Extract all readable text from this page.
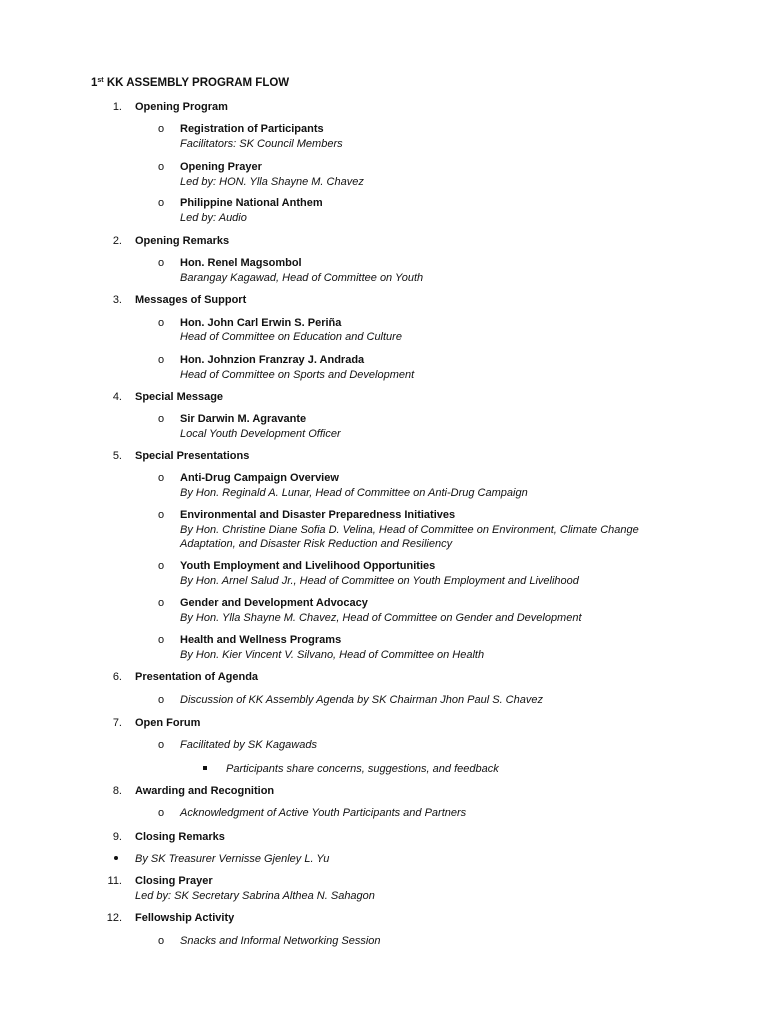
1st KK ASSEMBLY PROGRAM FLOW
1. Opening Program
o Registration of Participants
Facilitators: SK Council Members
o Opening Prayer
Led by: HON. Ylla Shayne M. Chavez
o Philippine National Anthem
Led by: Audio
2. Opening Remarks
o Hon. Renel Magsombol
Barangay Kagawad, Head of Committee on Youth
3. Messages of Support
o Hon. John Carl Erwin S. Periña
Head of Committee on Education and Culture
o Hon. Johnzion Franzray J. Andrada
Head of Committee on Sports and Development
4. Special Message
o Sir Darwin M. Agravante
Local Youth Development Officer
5. Special Presentations
o Anti-Drug Campaign Overview
By Hon. Reginald A. Lunar, Head of Committee on Anti-Drug Campaign
o Environmental and Disaster Preparedness Initiatives
By Hon. Christine Diane Sofia D. Velina, Head of Committee on Environment, Climate Change
Adaptation, and Disaster Risk Reduction and Resiliency
o Youth Employment and Livelihood Opportunities
By Hon. Arnel Salud Jr., Head of Committee on Youth Employment and Livelihood
o Gender and Development Advocacy
By Hon. Ylla Shayne M. Chavez, Head of Committee on Gender and Development
o Health and Wellness Programs
By Hon. Kier Vincent V. Silvano, Head of Committee on Health
6. Presentation of Agenda
o Discussion of KK Assembly Agenda by SK Chairman Jhon Paul S. Chavez
7. Open Forum
o Facilitated by SK Kagawads
Participants share concerns, suggestions, and feedback
8. Awarding and Recognition
o Acknowledgment of Active Youth Participants and Partners
9. Closing Remarks
By SK Treasurer Vernisse Gjenley L. Yu
11. Closing Prayer
Led by: SK Secretary Sabrina Althea N. Sahagon
12. Fellowship Activity
o Snacks and Informal Networking Session
